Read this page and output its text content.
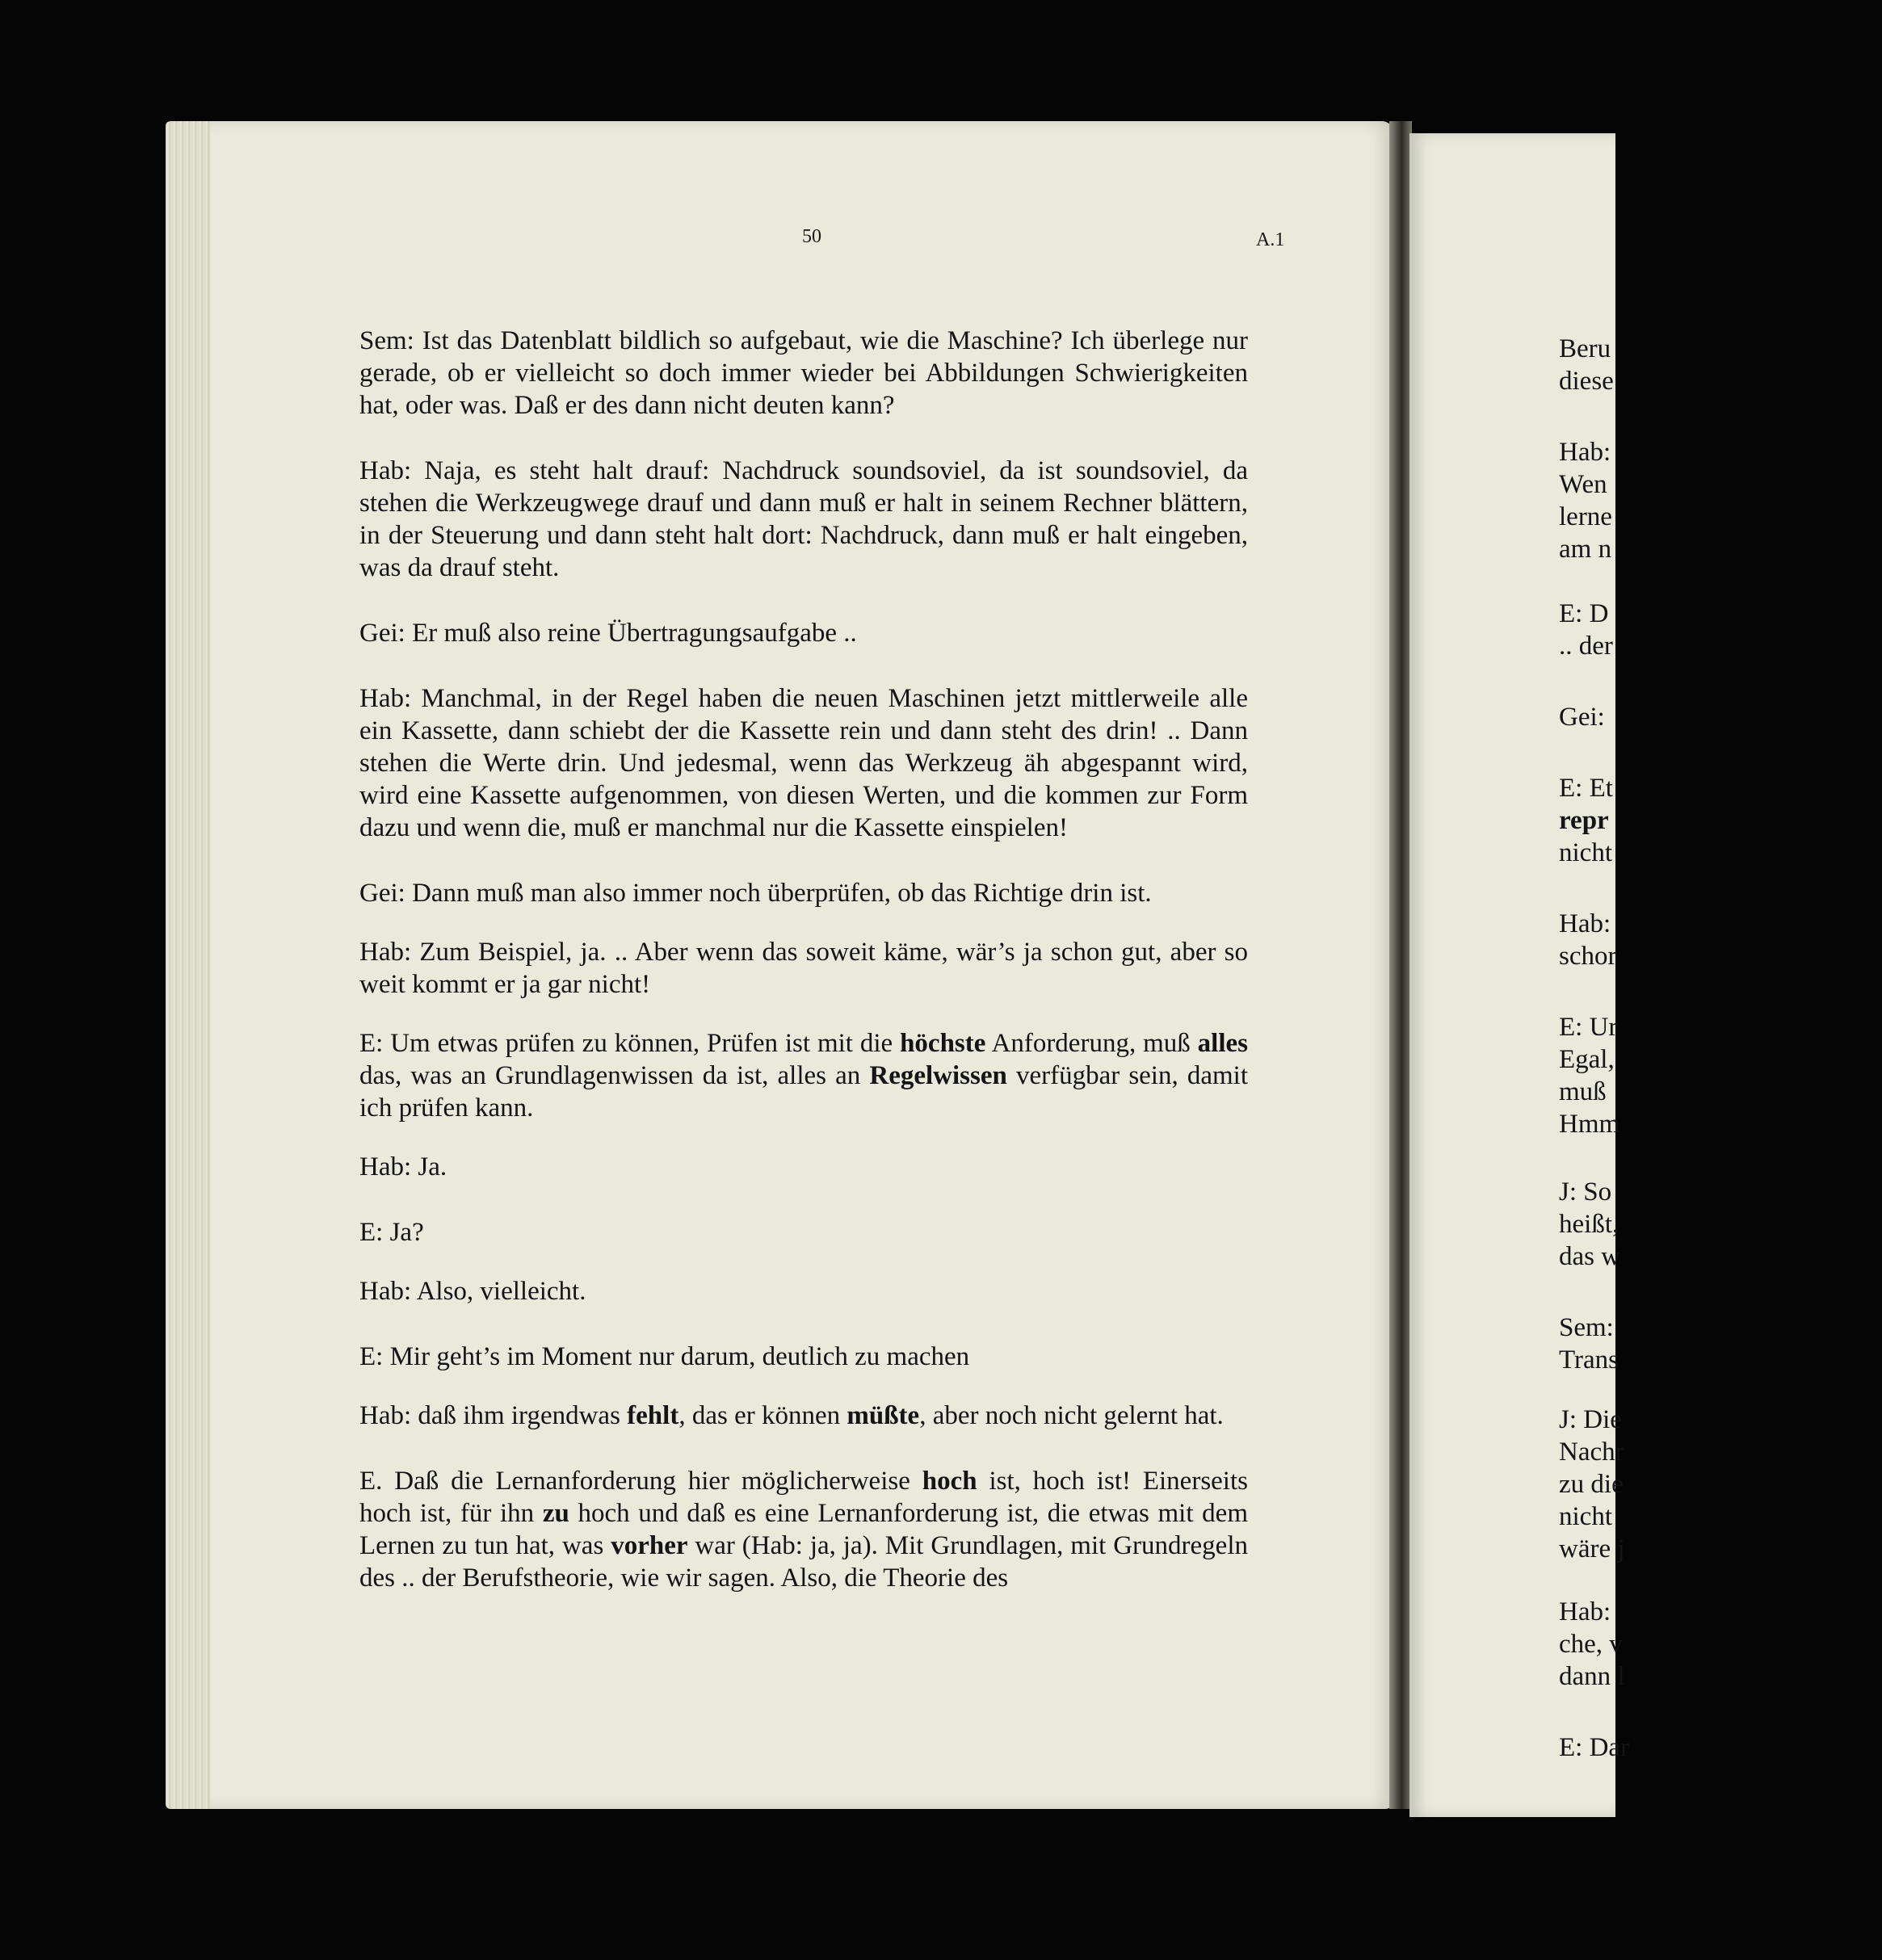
50	A.1

Sem: Ist das Datenblatt bildlich so aufgebaut, wie die Maschine? Ich überlege nur gerade, ob er vielleicht so doch immer wieder bei Abbildungen Schwierigkeiten hat, oder was. Daß er des dann nicht deuten kann?

Hab: Naja, es steht halt drauf: Nachdruck soundsoviel, da ist soundsoviel, da stehen die Werkzeugwege drauf und dann muß er halt in seinem Rechner blättern, in der Steuerung und dann steht halt dort: Nachdruck, dann muß er halt eingeben, was da drauf steht.

Gei: Er muß also reine Übertragungsaufgabe ..

Hab: Manchmal, in der Regel haben die neuen Maschinen jetzt mittlerweile alle ein Kassette, dann schiebt der die Kassette rein und dann steht des drin! .. Dann stehen die Werte drin. Und jedesmal, wenn das Werkzeug äh abgespannt wird, wird eine Kassette aufgenommen, von diesen Werten, und die kommen zur Form dazu und wenn die, muß er manchmal nur die Kassette einspielen!

Gei: Dann muß man also immer noch überprüfen, ob das Richtige drin ist.

Hab: Zum Beispiel, ja. .. Aber wenn das soweit käme, wär’s ja schon gut, aber so weit kommt er ja gar nicht!

E: Um etwas prüfen zu können, Prüfen ist mit die höchste Anforderung, muß alles das, was an Grundlagenwissen da ist, alles an Regelwissen verfügbar sein, damit ich prüfen kann.

Hab: Ja.

E: Ja?

Hab: Also, vielleicht.

E: Mir geht’s im Moment nur darum, deutlich zu machen

Hab: daß ihm irgendwas fehlt, das er können müßte, aber noch nicht gelernt hat.

E. Daß die Lernanforderung hier möglicherweise hoch ist, hoch ist! Einerseits hoch ist, für ihn zu hoch und daß es eine Lernanforderung ist, die etwas mit dem Lernen zu tun hat, was vorher war (Hab: ja, ja). Mit Grundlagen, mit Grundregeln des .. der Berufstheorie, wie wir sagen. Also, die Theorie des

Beru
diese
Hab:
Wen
lerne
am n
E: D
.. der
Gei:
E: Et
repr
nicht
Hab:
schor
E: Ur
Egal,
muß
Hmm
J: So
heißt,
das w
Sem:
Trans
J: Die
Nachr
zu die
nicht
wäre j
Hab:
che, v
dann l
E: Dar
